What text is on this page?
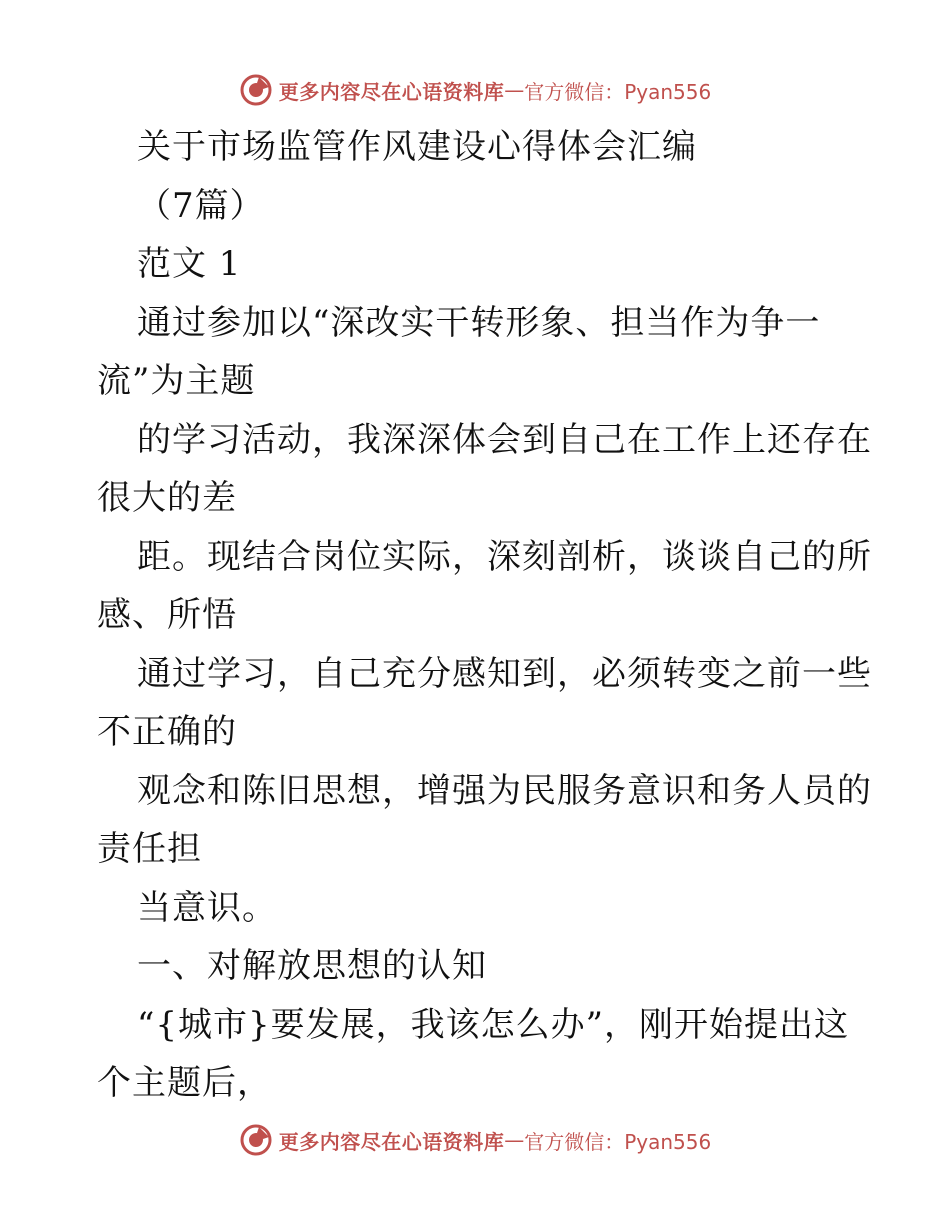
更多内容尽在心语资料库 — 官方微信：Pyan556
关于市场监管作风建设心得体会汇编
（7篇）
范文 1
通过参加以“深改实干转形象、担当作为争一
流”为主题
的学习活动，我深深体会到自己在工作上还存在
很大的差
距。现结合岗位实际，深刻剖析，谈谈自己的所
感、所悟
通过学习，自己充分感知到，必须转变之前一些
不正确的
观念和陈旧思想，增强为民服务意识和务人员的
责任担
当意识。
一、对解放思想的认知
“{城市}要发展，我该怎么办”，刚开始提出这
个主题后，
更多内容尽在心语资料库 — 官方微信：Pyan556
